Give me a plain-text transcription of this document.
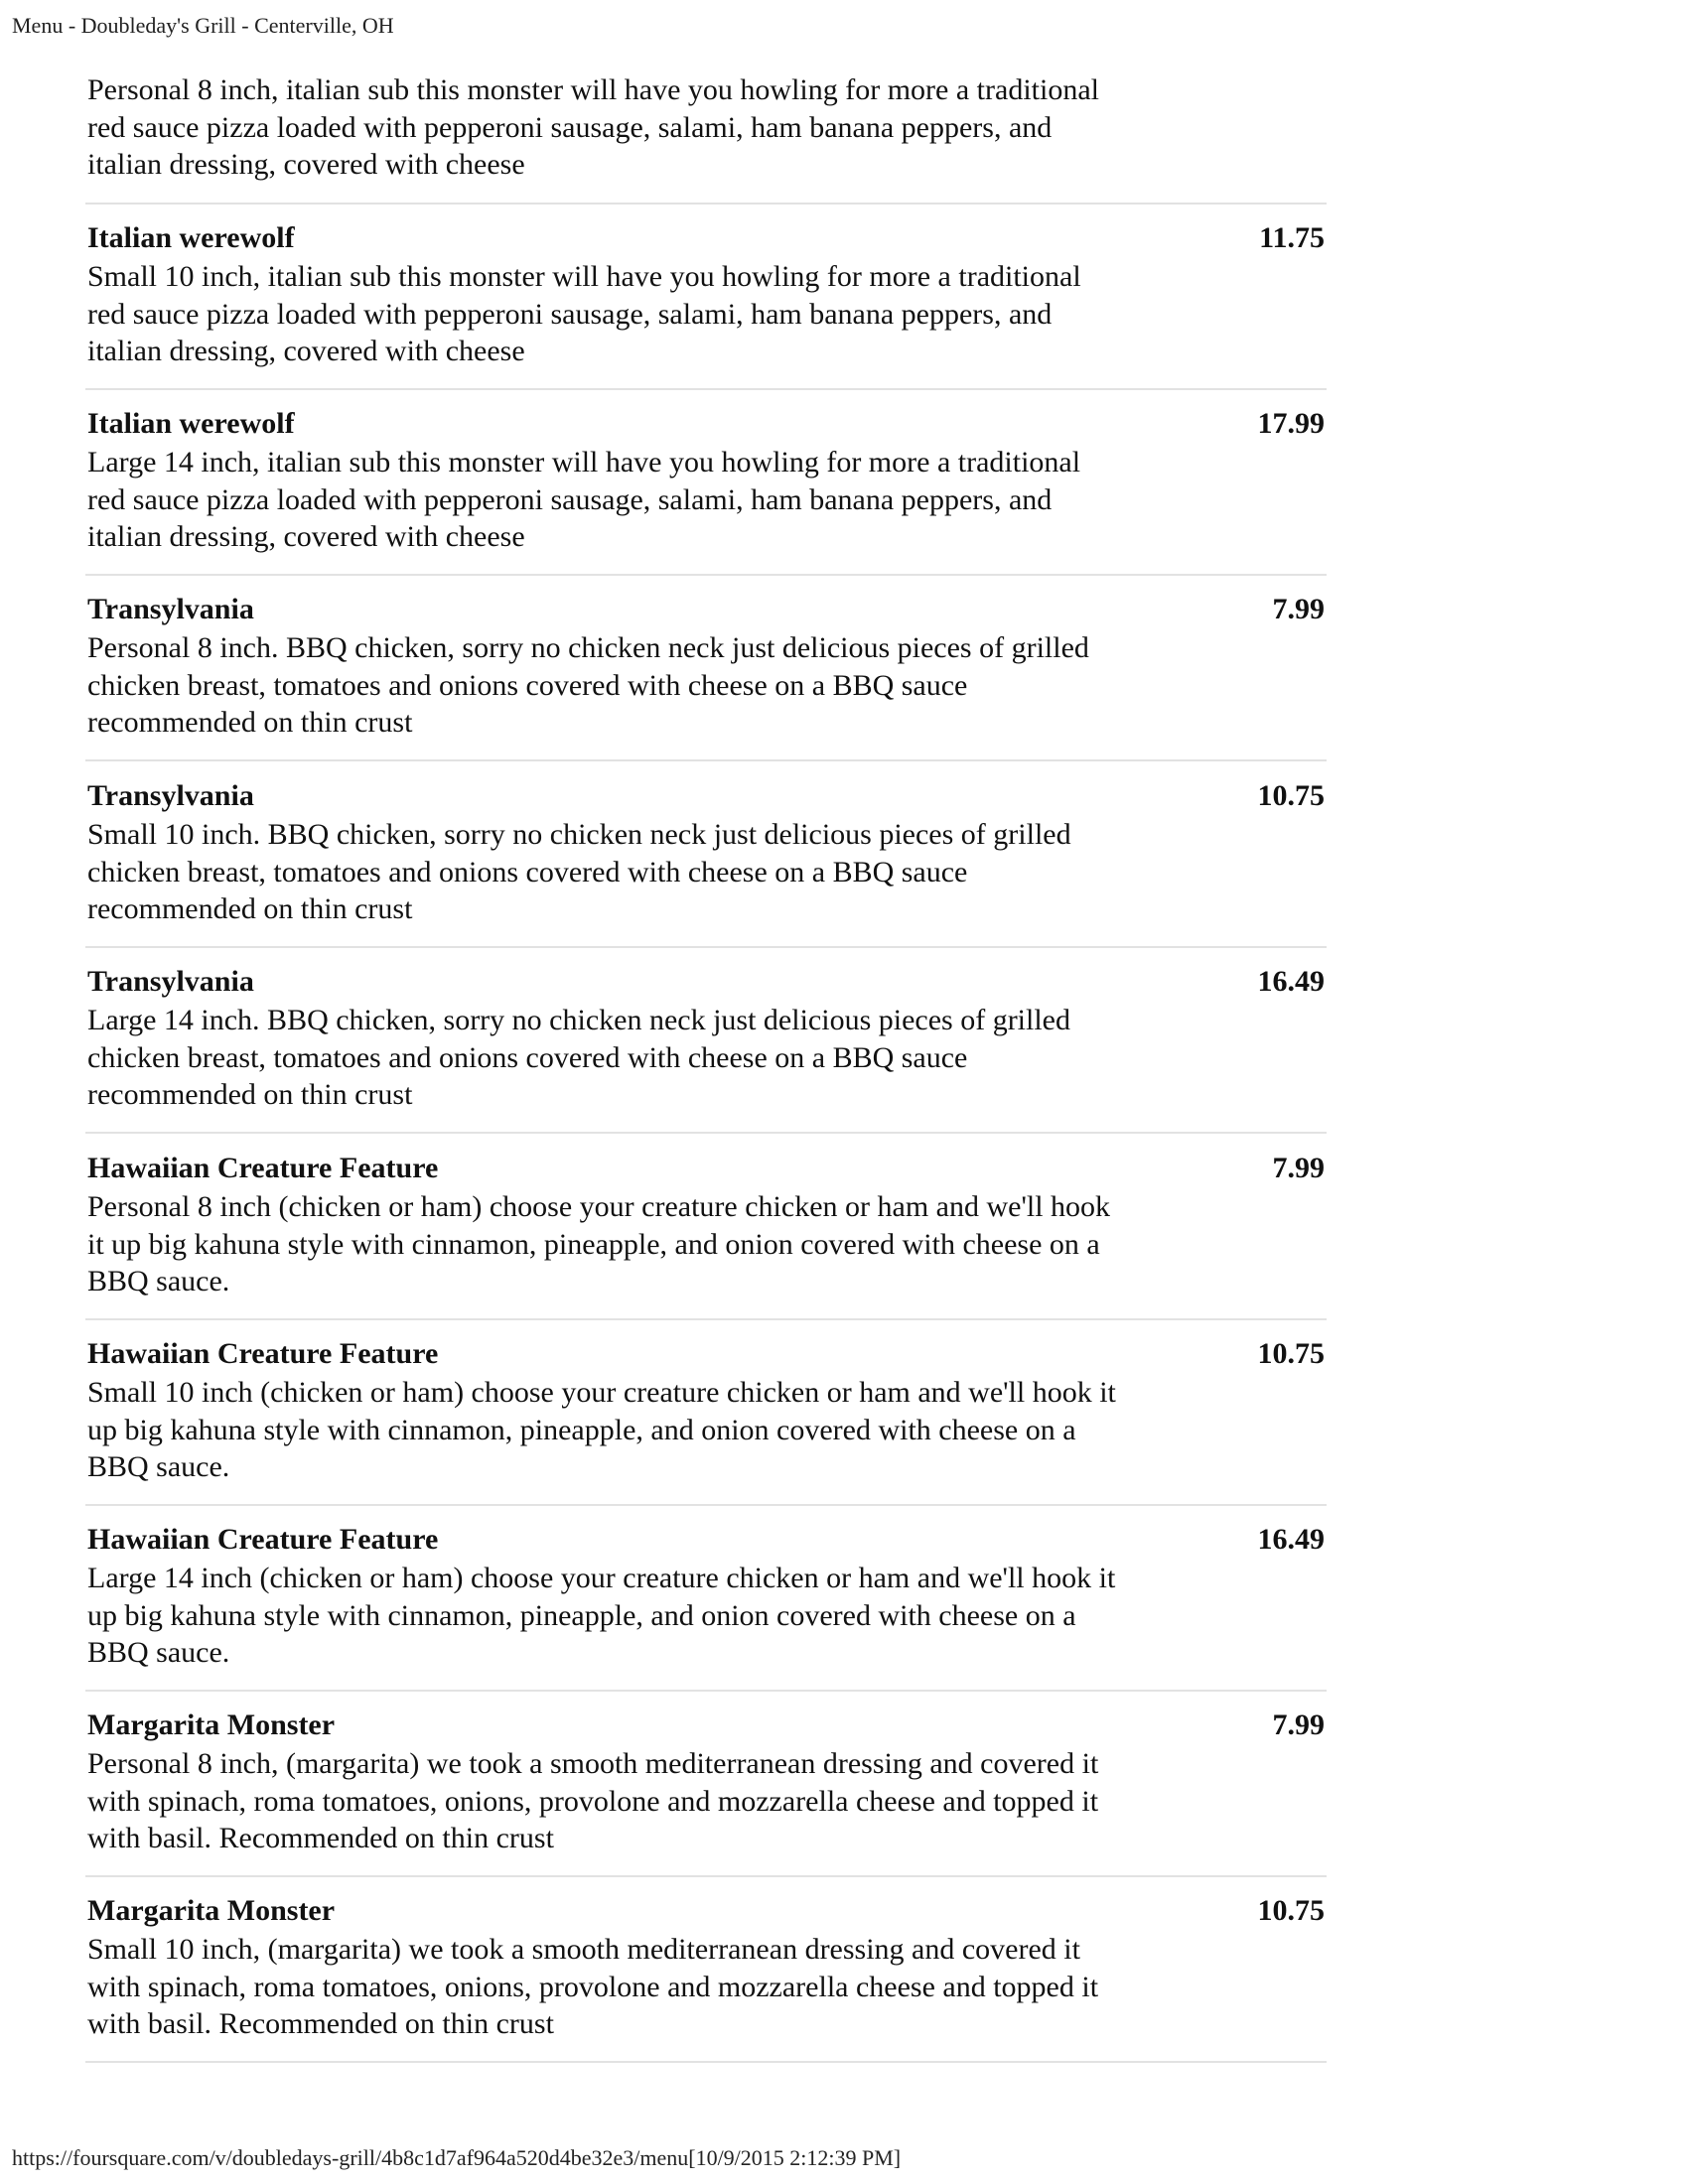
Menu - Doubleday's Grill - Centerville, OH
Personal 8 inch, italian sub this monster will have you howling for more a traditional
red sauce pizza loaded with pepperoni sausage, salami, ham banana peppers, and
italian dressing, covered with cheese
Italian werewolf	11.75
Small 10 inch, italian sub this monster will have you howling for more a traditional
red sauce pizza loaded with pepperoni sausage, salami, ham banana peppers, and
italian dressing, covered with cheese
Italian werewolf	17.99
Large 14 inch, italian sub this monster will have you howling for more a traditional
red sauce pizza loaded with pepperoni sausage, salami, ham banana peppers, and
italian dressing, covered with cheese
Transylvania	7.99
Personal 8 inch. BBQ chicken, sorry no chicken neck just delicious pieces of grilled
chicken breast, tomatoes and onions covered with cheese on a BBQ sauce
recommended on thin crust
Transylvania	10.75
Small 10 inch. BBQ chicken, sorry no chicken neck just delicious pieces of grilled
chicken breast, tomatoes and onions covered with cheese on a BBQ sauce
recommended on thin crust
Transylvania	16.49
Large 14 inch. BBQ chicken, sorry no chicken neck just delicious pieces of grilled
chicken breast, tomatoes and onions covered with cheese on a BBQ sauce
recommended on thin crust
Hawaiian Creature Feature	7.99
Personal 8 inch (chicken or ham) choose your creature chicken or ham and we'll hook
it up big kahuna style with cinnamon, pineapple, and onion covered with cheese on a
BBQ sauce.
Hawaiian Creature Feature	10.75
Small 10 inch (chicken or ham) choose your creature chicken or ham and we'll hook it
up big kahuna style with cinnamon, pineapple, and onion covered with cheese on a
BBQ sauce.
Hawaiian Creature Feature	16.49
Large 14 inch (chicken or ham) choose your creature chicken or ham and we'll hook it
up big kahuna style with cinnamon, pineapple, and onion covered with cheese on a
BBQ sauce.
Margarita Monster	7.99
Personal 8 inch, (margarita) we took a smooth mediterranean dressing and covered it
with spinach, roma tomatoes, onions, provolone and mozzarella cheese and topped it
with basil. Recommended on thin crust
Margarita Monster	10.75
Small 10 inch, (margarita) we took a smooth mediterranean dressing and covered it
with spinach, roma tomatoes, onions, provolone and mozzarella cheese and topped it
with basil. Recommended on thin crust
https://foursquare.com/v/doubledays-grill/4b8c1d7af964a520d4be32e3/menu[10/9/2015 2:12:39 PM]
